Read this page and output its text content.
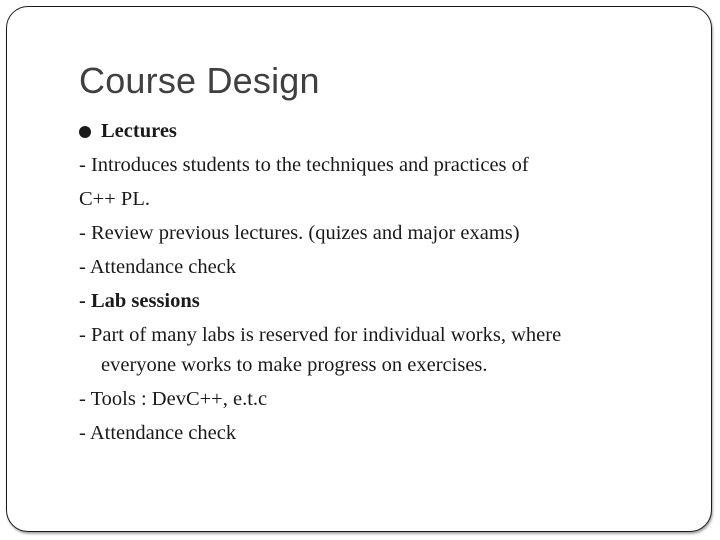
Course Design
Lectures
- Introduces students to the techniques and practices of
C++ PL.
- Review previous lectures. (quizes and major exams)
- Attendance check
- Lab sessions
- Part of many labs is reserved for individual works, where
everyone works to make progress on exercises.
- Tools : DevC++, e.t.c
- Attendance check
